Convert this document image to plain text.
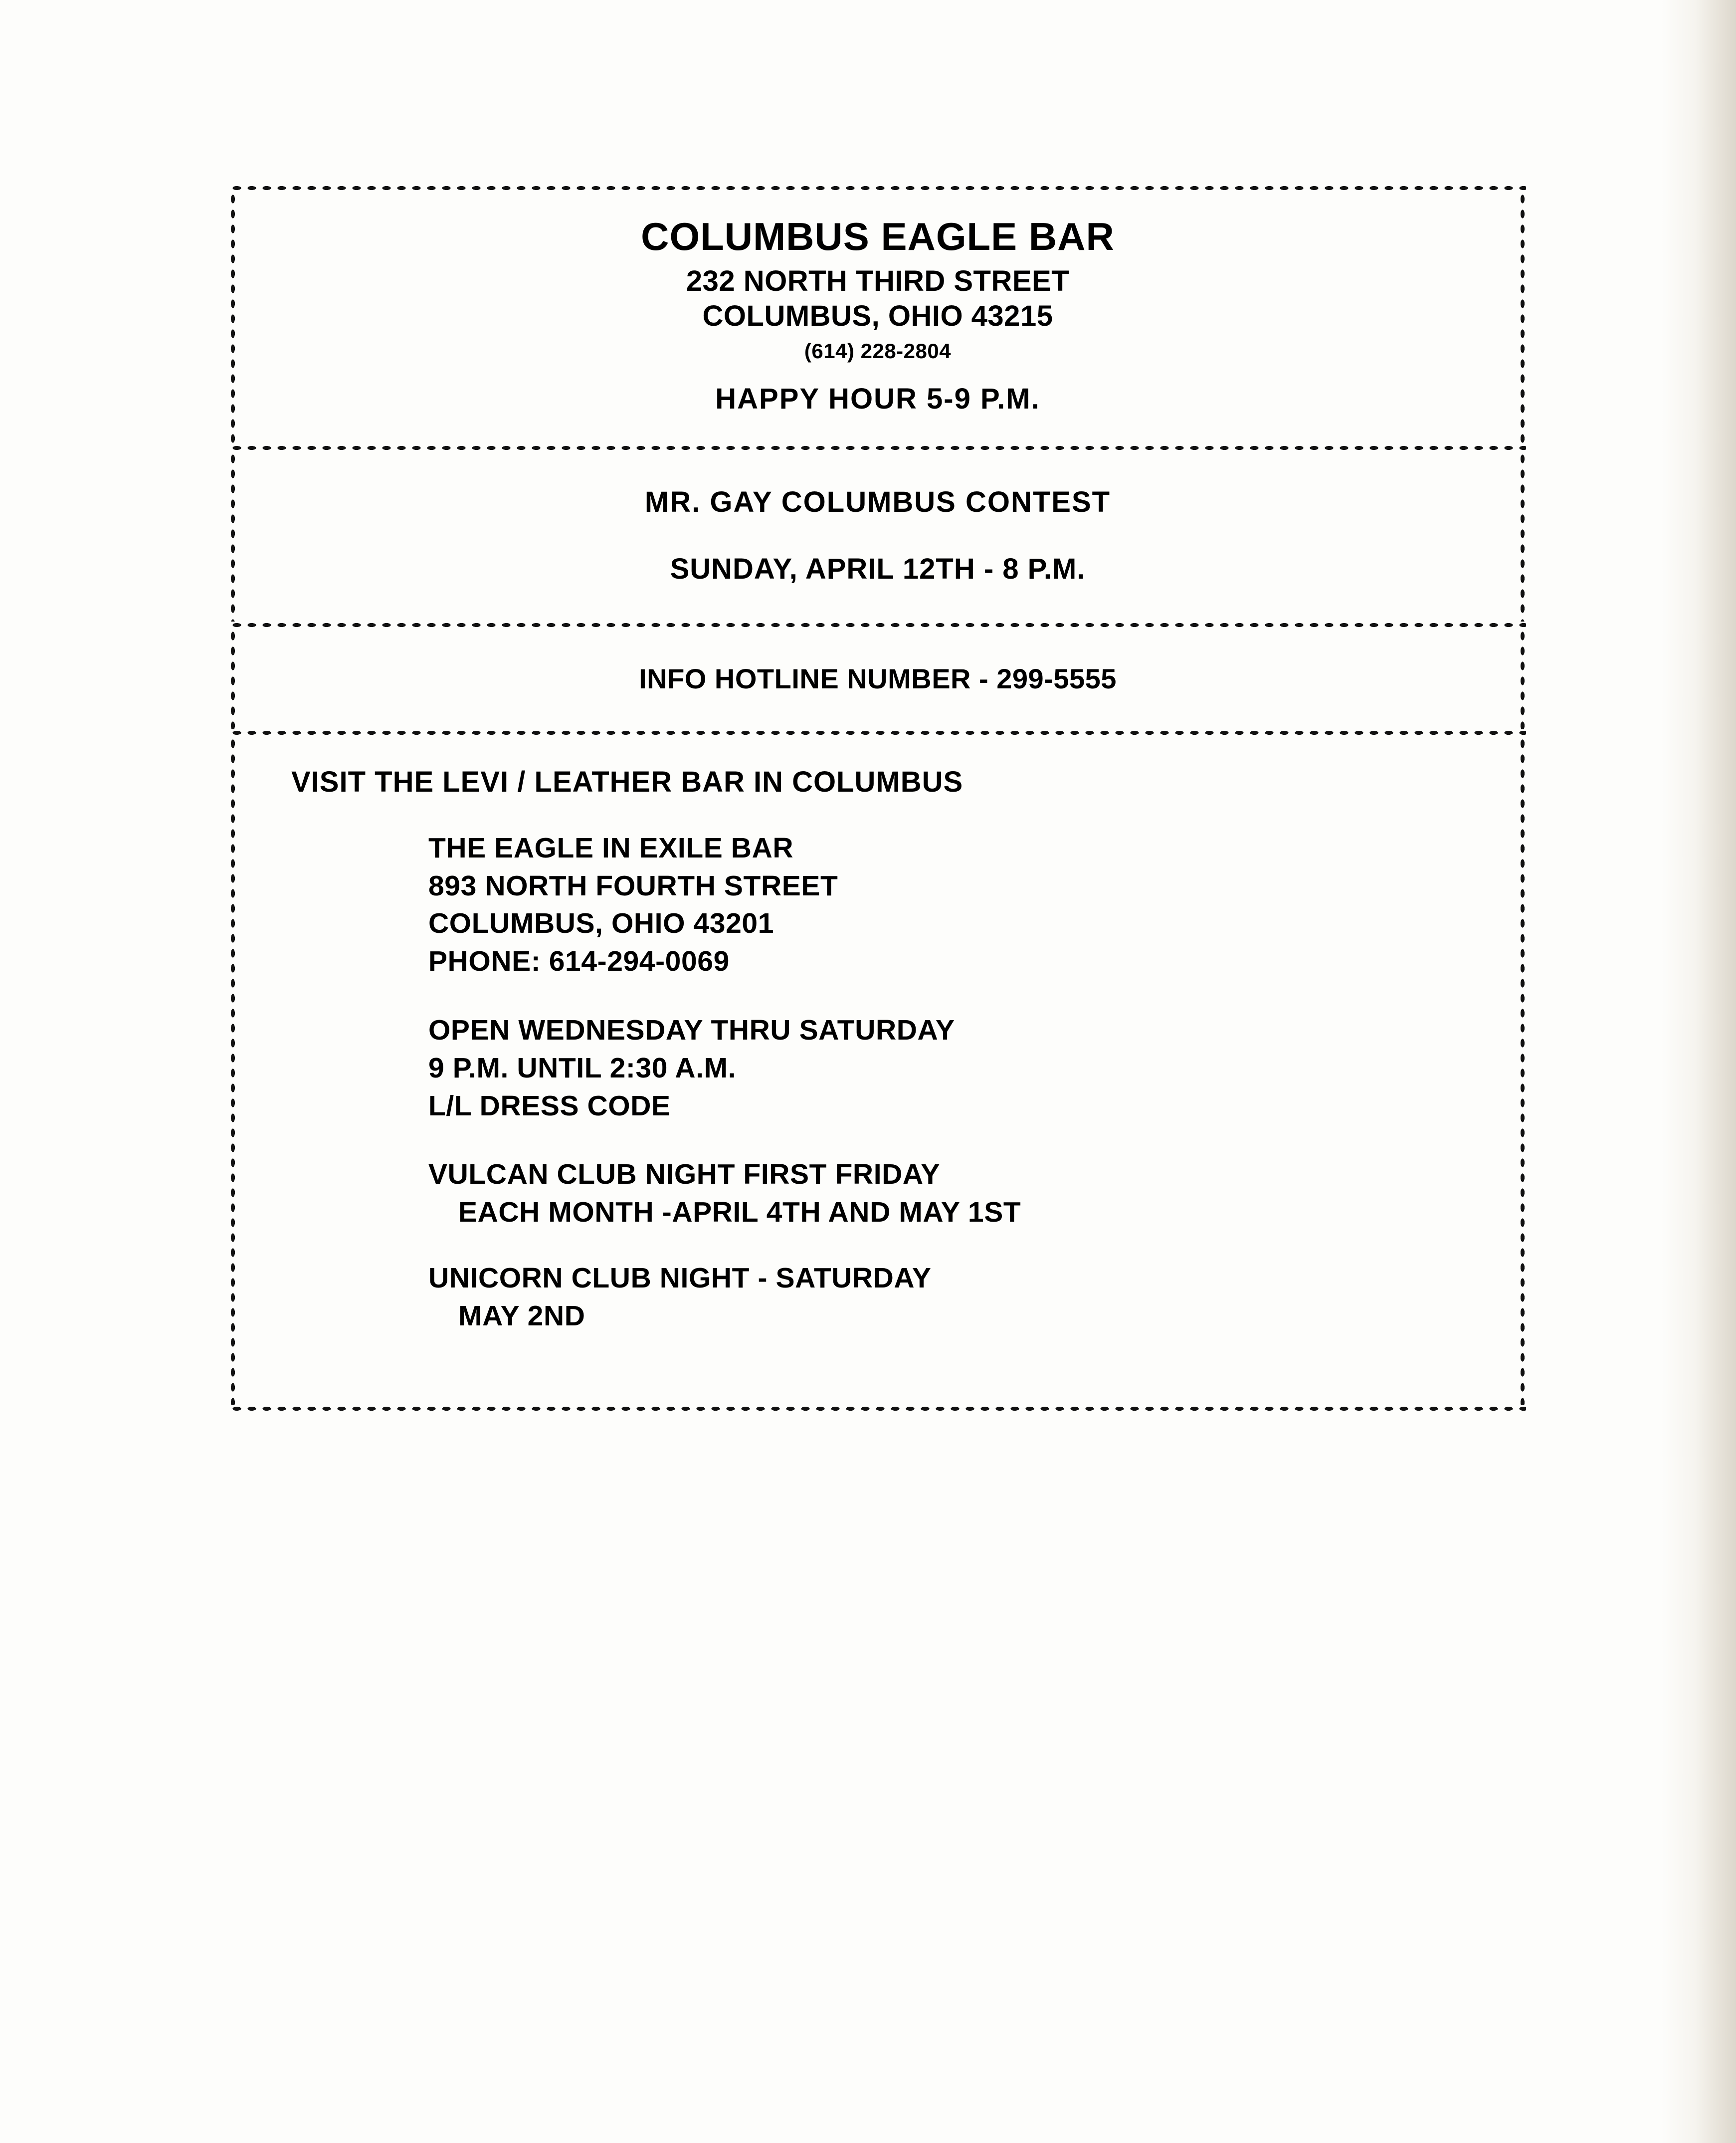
COLUMBUS EAGLE BAR
232 NORTH THIRD STREET
COLUMBUS, OHIO 43215
(614) 228-2804
HAPPY HOUR 5-9 P.M.
MR. GAY COLUMBUS CONTEST
SUNDAY, APRIL 12TH - 8 P.M.
INFO HOTLINE NUMBER - 299-5555
VISIT THE LEVI / LEATHER BAR IN COLUMBUS
THE EAGLE IN EXILE BAR
893 NORTH FOURTH STREET
COLUMBUS, OHIO 43201
PHONE: 614-294-0069
OPEN WEDNESDAY THRU SATURDAY
9 P.M. UNTIL 2:30 A.M.
L/L DRESS CODE
VULCAN CLUB NIGHT FIRST FRIDAY
EACH MONTH -APRIL 4TH AND MAY 1ST
UNICORN CLUB NIGHT - SATURDAY
MAY 2ND
